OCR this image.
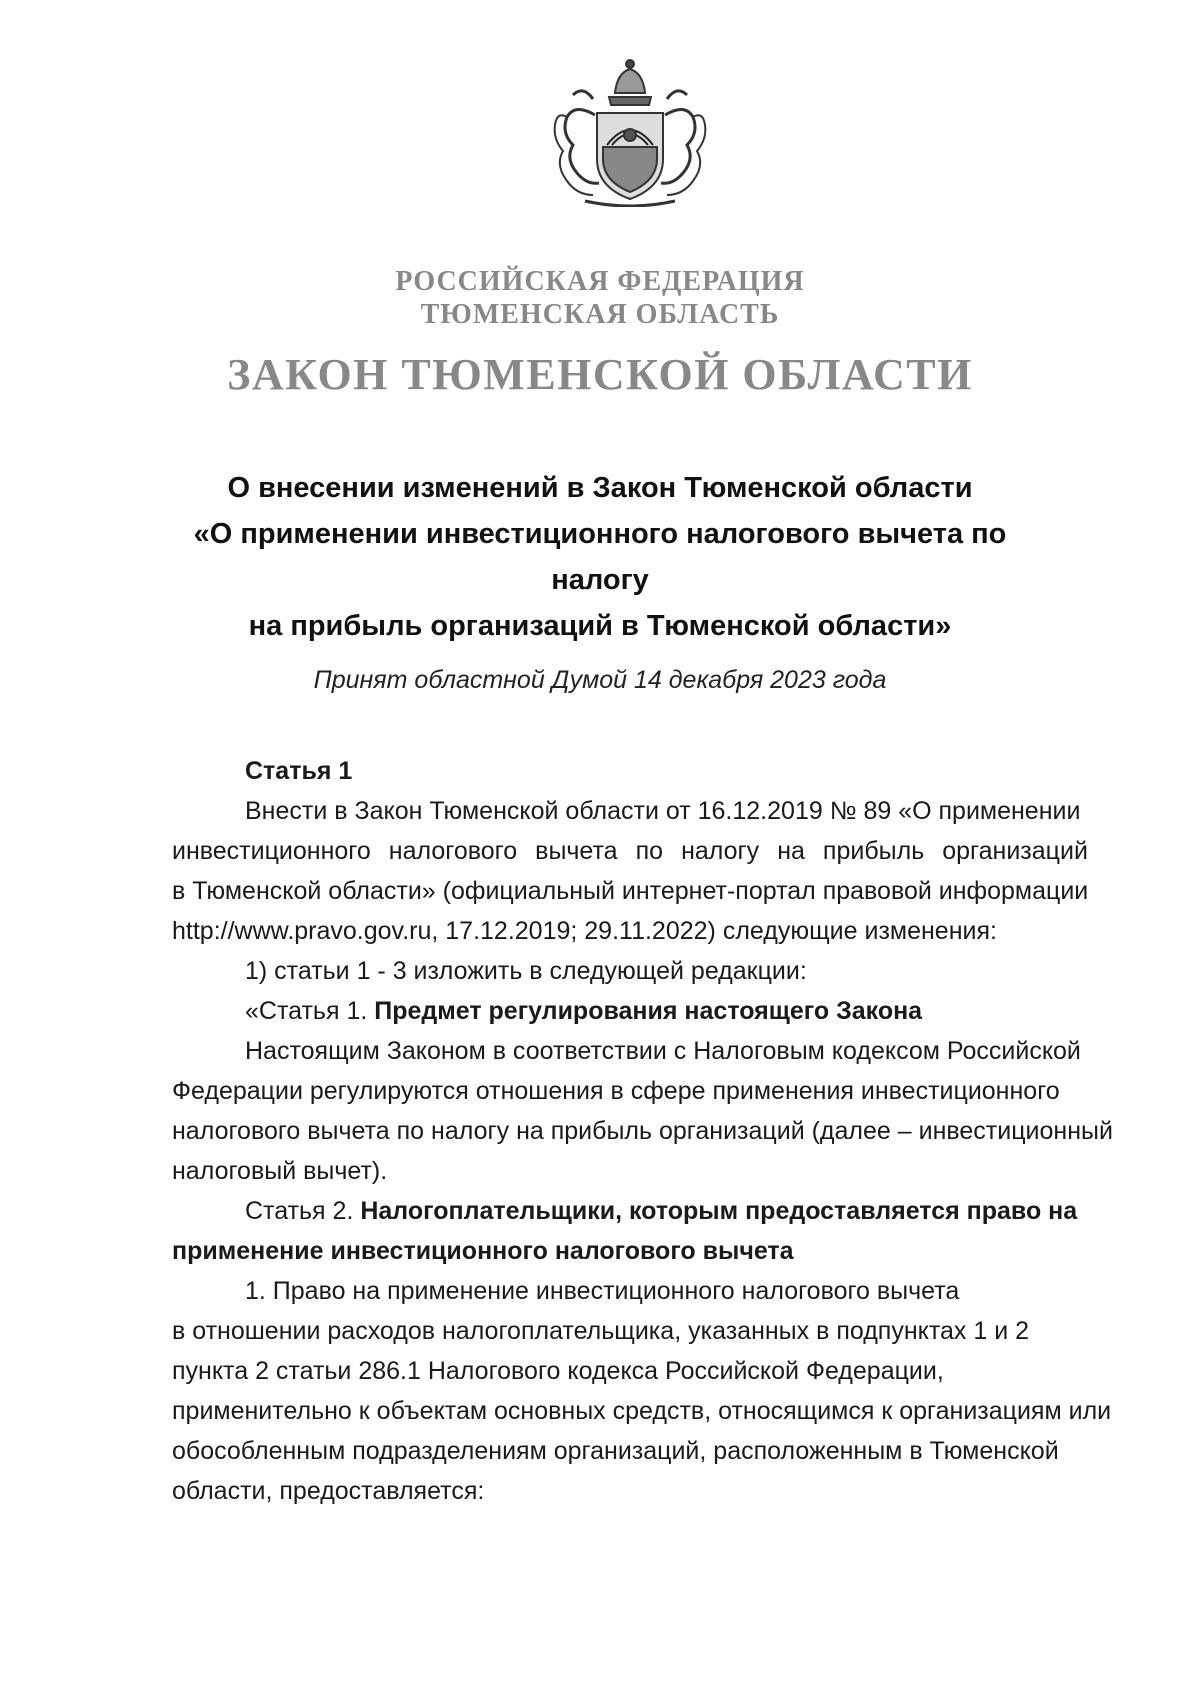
РОССИЙСКАЯ ФЕДЕРАЦИЯ
ТЮМЕНСКАЯ ОБЛАСТЬ
ЗАКОН ТЮМЕНСКОЙ ОБЛАСТИ
О внесении изменений в Закон Тюменской области
«О применении инвестиционного налогового вычета по налогу
на прибыль организаций в Тюменской области»
Принят областной Думой 14 декабря 2023 года
Статья 1
Внести в Закон Тюменской области от 16.12.2019 № 89 «О применении
инвестиционного налогового вычета по налогу на прибыль организаций
в Тюменской области» (официальный интернет-портал правовой информации
http://www.pravo.gov.ru, 17.12.2019; 29.11.2022) следующие изменения:
1) статьи 1 - 3 изложить в следующей редакции:
«Статья 1. Предмет регулирования настоящего Закона
Настоящим Законом в соответствии с Налоговым кодексом Российской
Федерации регулируются отношения в сфере применения инвестиционного
налогового вычета по налогу на прибыль организаций (далее – инвестиционный
налоговый вычет).
Статья 2. Налогоплательщики, которым предоставляется право на
применение инвестиционного налогового вычета
1. Право на применение инвестиционного налогового вычета
в отношении расходов налогоплательщика, указанных в подпунктах 1 и 2
пункта 2 статьи 286.1 Налогового кодекса Российской Федерации,
применительно к объектам основных средств, относящимся к организациям или
обособленным подразделениям организаций, расположенным в Тюменской
области, предоставляется:
